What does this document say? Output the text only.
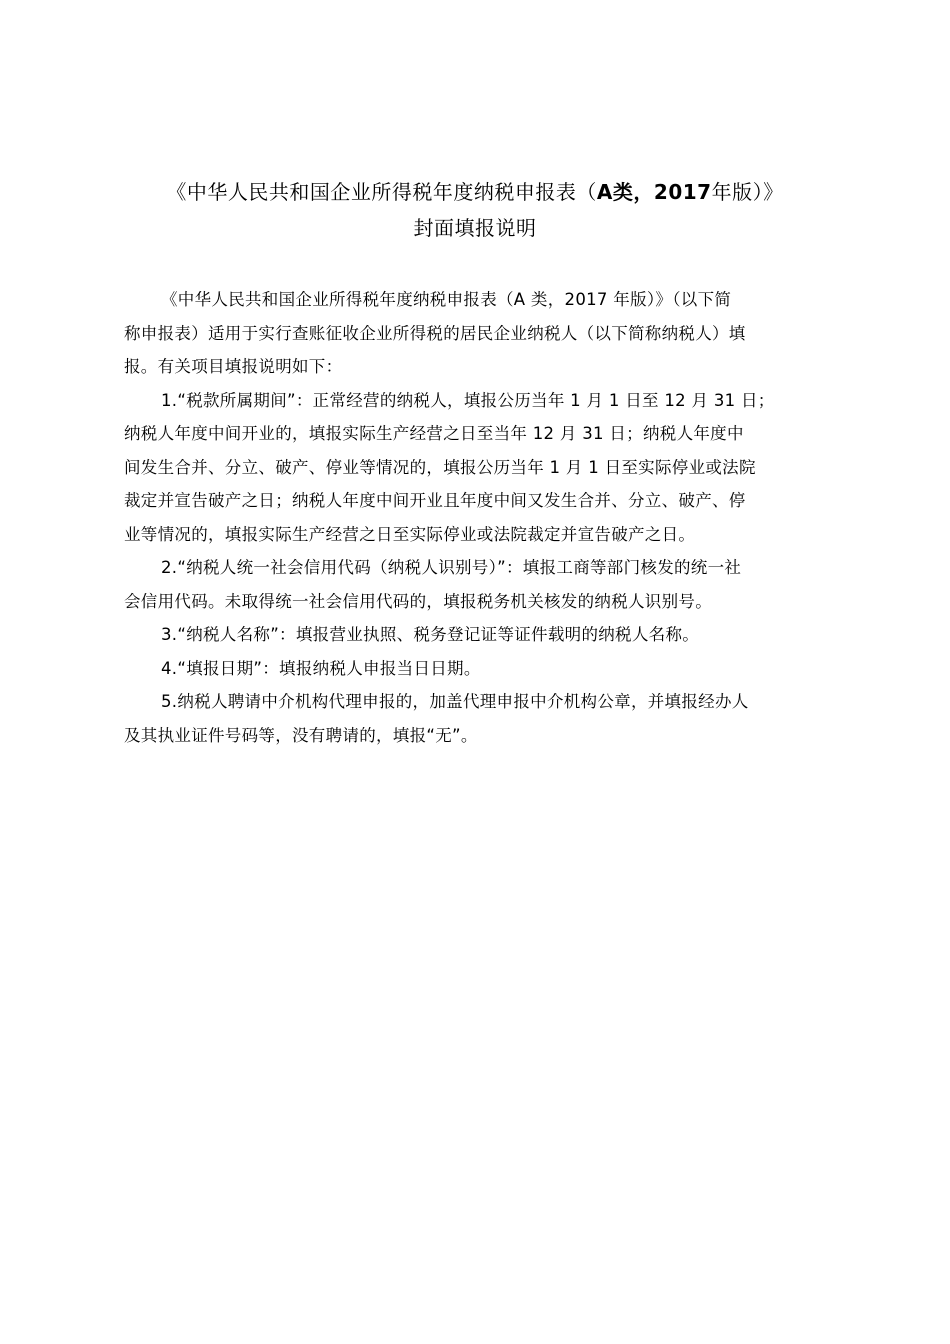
《中华人民共和国企业所得税年度纳税申报表（A类，2017年版）》
封面填报说明

《中华人民共和国企业所得税年度纳税申报表（A 类，2017 年版）》（以下简
称申报表）适用于实行查账征收企业所得税的居民企业纳税人（以下简称纳税人）填
报。有关项目填报说明如下：

1.“税款所属期间”：正常经营的纳税人，填报公历当年 1 月 1 日至 12 月 31 日；
纳税人年度中间开业的，填报实际生产经营之日至当年 12 月 31 日；纳税人年度中
间发生合并、分立、破产、停业等情况的，填报公历当年 1 月 1 日至实际停业或法院
裁定并宣告破产之日；纳税人年度中间开业且年度中间又发生合并、分立、破产、停
业等情况的，填报实际生产经营之日至实际停业或法院裁定并宣告破产之日。

2.“纳税人统一社会信用代码（纳税人识别号）”：填报工商等部门核发的统一社
会信用代码。未取得统一社会信用代码的，填报税务机关核发的纳税人识别号。

3.“纳税人名称”：填报营业执照、税务登记证等证件载明的纳税人名称。

4.“填报日期”：填报纳税人申报当日日期。

5.纳税人聘请中介机构代理申报的，加盖代理申报中介机构公章，并填报经办人
及其执业证件号码等，没有聘请的，填报“无”。
